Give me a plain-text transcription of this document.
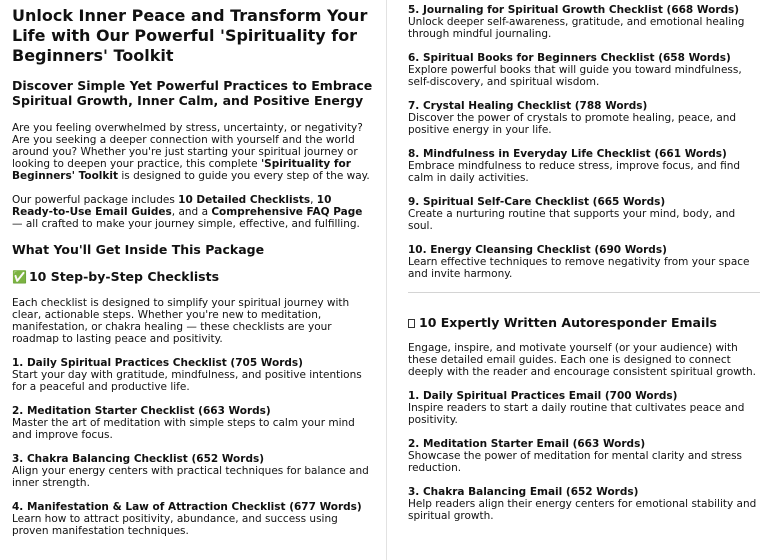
Unlock Inner Peace and Transform Your Life with Our Powerful 'Spirituality for Beginners' Toolkit
Discover Simple Yet Powerful Practices to Embrace Spiritual Growth, Inner Calm, and Positive Energy

Are you feeling overwhelmed by stress, uncertainty, or negativity? Are you seeking a deeper connection with yourself and the world around you? Whether you're just starting your spiritual journey or looking to deepen your practice, this complete 'Spirituality for Beginners' Toolkit is designed to guide you every step of the way.

Our powerful package includes 10 Detailed Checklists, 10 Ready-to-Use Email Guides, and a Comprehensive FAQ Page — all crafted to make your journey simple, effective, and fulfilling.

What You'll Get Inside This Package
✅ 10 Step-by-Step Checklists

Each checklist is designed to simplify your spiritual journey with clear, actionable steps. Whether you're new to meditation, manifestation, or chakra healing — these checklists are your roadmap to lasting peace and positivity.

1. Daily Spiritual Practices Checklist (705 Words)
Start your day with gratitude, mindfulness, and positive intentions for a peaceful and productive life.
2. Meditation Starter Checklist (663 Words)
Master the art of meditation with simple steps to calm your mind and improve focus.
3. Chakra Balancing Checklist (652 Words)
Align your energy centers with practical techniques for balance and inner strength.
4. Manifestation & Law of Attraction Checklist (677 Words)
Learn how to attract positivity, abundance, and success using proven manifestation techniques.
5. Journaling for Spiritual Growth Checklist (668 Words)
Unlock deeper self-awareness, gratitude, and emotional healing through mindful journaling.
6. Spiritual Books for Beginners Checklist (658 Words)
Explore powerful books that will guide you toward mindfulness, self-discovery, and spiritual wisdom.
7. Crystal Healing Checklist (788 Words)
Discover the power of crystals to promote healing, peace, and positive energy in your life.
8. Mindfulness in Everyday Life Checklist (661 Words)
Embrace mindfulness to reduce stress, improve focus, and find calm in daily activities.
9. Spiritual Self-Care Checklist (665 Words)
Create a nurturing routine that supports your mind, body, and soul.
10. Energy Cleansing Checklist (690 Words)
Learn effective techniques to remove negativity from your space and invite harmony.
10 Expertly Written Autoresponder Emails

Engage, inspire, and motivate yourself (or your audience) with these detailed email guides. Each one is designed to connect deeply with the reader and encourage consistent spiritual growth.

1. Daily Spiritual Practices Email (700 Words)
Inspire readers to start a daily routine that cultivates peace and positivity.
2. Meditation Starter Email (663 Words)
Showcase the power of meditation for mental clarity and stress reduction.
3. Chakra Balancing Email (652 Words)
Help readers align their energy centers for emotional stability and spiritual growth.
